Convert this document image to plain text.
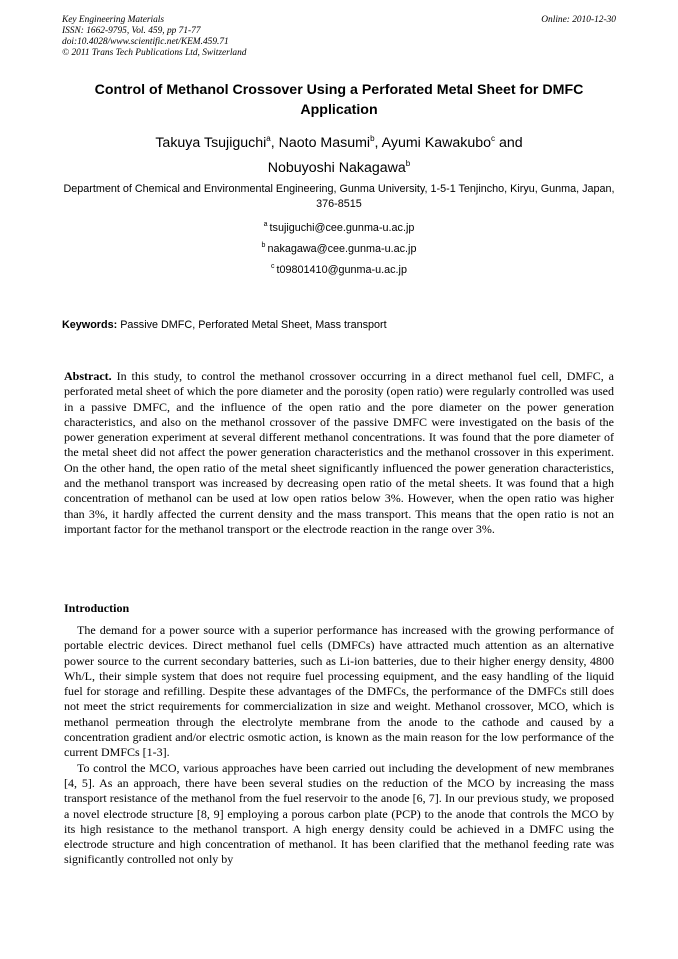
Key Engineering Materials
ISSN: 1662-9795, Vol. 459, pp 71-77
doi:10.4028/www.scientific.net/KEM.459.71
© 2011 Trans Tech Publications Ltd, Switzerland
Online: 2010-12-30
Control of Methanol Crossover Using a Perforated Metal Sheet for DMFC Application
Takuya Tsujiguchi$^a$, Naoto Masumi$^b$, Ayumi Kawakubo$^c$ and
Nobuyoshi Nakagawa$^b$
Department of Chemical and Environmental Engineering, Gunma University, 1-5-1 Tenjincho, Kiryu, Gunma, Japan, 376-8515
$^a$ tsujiguchi@cee.gunma-u.ac.jp
$^b$ nakagawa@cee.gunma-u.ac.jp
$^c$ t09801410@gunma-u.ac.jp
Keywords: Passive DMFC, Perforated Metal Sheet, Mass transport
Abstract. In this study, to control the methanol crossover occurring in a direct methanol fuel cell, DMFC, a perforated metal sheet of which the pore diameter and the porosity (open ratio) were regularly controlled was used in a passive DMFC, and the influence of the open ratio and the pore diameter on the power generation characteristics, and also on the methanol crossover of the passive DMFC were investigated on the basis of the power generation experiment at several different methanol concentrations. It was found that the pore diameter of the metal sheet did not affect the power generation characteristics and the methanol crossover in this experiment. On the other hand, the open ratio of the metal sheet significantly influenced the power generation characteristics, and the methanol transport was increased by decreasing open ratio of the metal sheets. It was found that a high concentration of methanol can be used at low open ratios below 3%. However, when the open ratio was higher than 3%, it hardly affected the current density and the mass transport. This means that the open ratio is not an important factor for the methanol transport or the electrode reaction in the range over 3%.
Introduction

The demand for a power source with a superior performance has increased with the growing performance of portable electric devices. Direct methanol fuel cells (DMFCs) have attracted much attention as an alternative power source to the current secondary batteries, such as Li-ion batteries, due to their higher energy density, 4800 Wh/L, their simple system that does not require fuel processing equipment, and the easy handling of the liquid fuel for storage and refilling. Despite these advantages of the DMFCs, the performance of the DMFCs still does not meet the strict requirements for commercialization in size and weight. Methanol crossover, MCO, which is methanol permeation through the electrolyte membrane from the anode to the cathode and caused by a concentration gradient and/or electric osmotic action, is known as the main reason for the low performance of the current DMFCs [1-3].

To control the MCO, various approaches have been carried out including the development of new membranes [4, 5]. As an approach, there have been several studies on the reduction of the MCO by increasing the mass transport resistance of the methanol from the fuel reservoir to the anode [6, 7]. In our previous study, we proposed a novel electrode structure [8, 9] employing a porous carbon plate (PCP) to the anode that controls the MCO by its high resistance to the methanol transport. A high energy density could be achieved in a DMFC using the electrode structure and high concentration of methanol. It has been clarified that the methanol feeding rate was significantly controlled not only by
